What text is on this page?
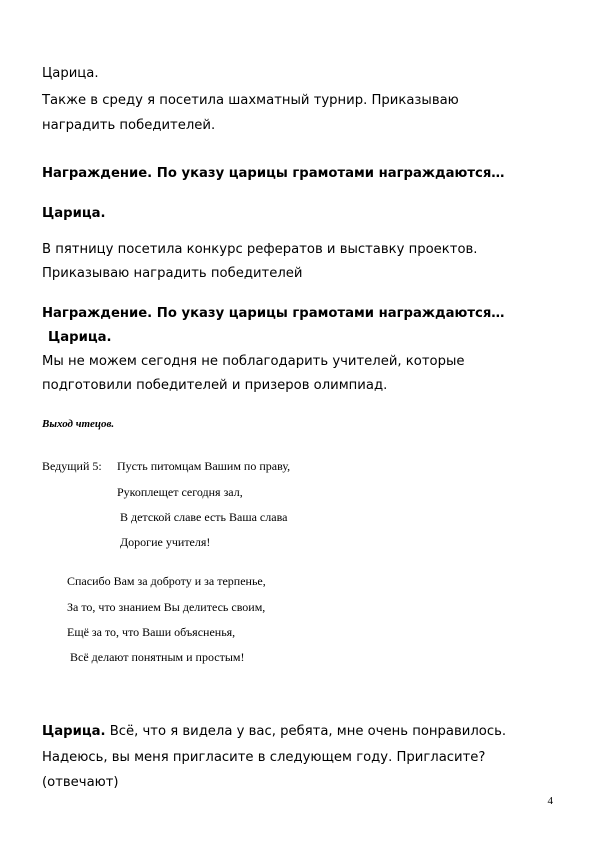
Царица.

Также в среду я посетила шахматный турнир. Приказываю

наградить победителей.

Награждение. По указу царицы грамотами награждаются…

Царица.

В пятницу посетила конкурс рефератов и выставку проектов.

Приказываю наградить победителей

Награждение. По указу царицы грамотами награждаются…

Царица.

Мы не можем сегодня не поблагодарить учителей, которые

подготовили победителей и призеров олимпиад.

Выход чтецов.

Ведущий 5: Пусть питомцам Вашим по праву,
Рукоплещет сегодня зал,
В детской славе есть Ваша слава
Дорогие учителя!
Спасибо Вам за доброту и за терпенье,
За то, что знанием Вы делитесь своим,
Ещё за то, что Ваши объясненья,
Всё делают понятным и простым!

Царица. Всё, что я видела у вас, ребята, мне очень понравилось.

Надеюсь, вы меня пригласите в следующем году. Пригласите?

(отвечают)

4
